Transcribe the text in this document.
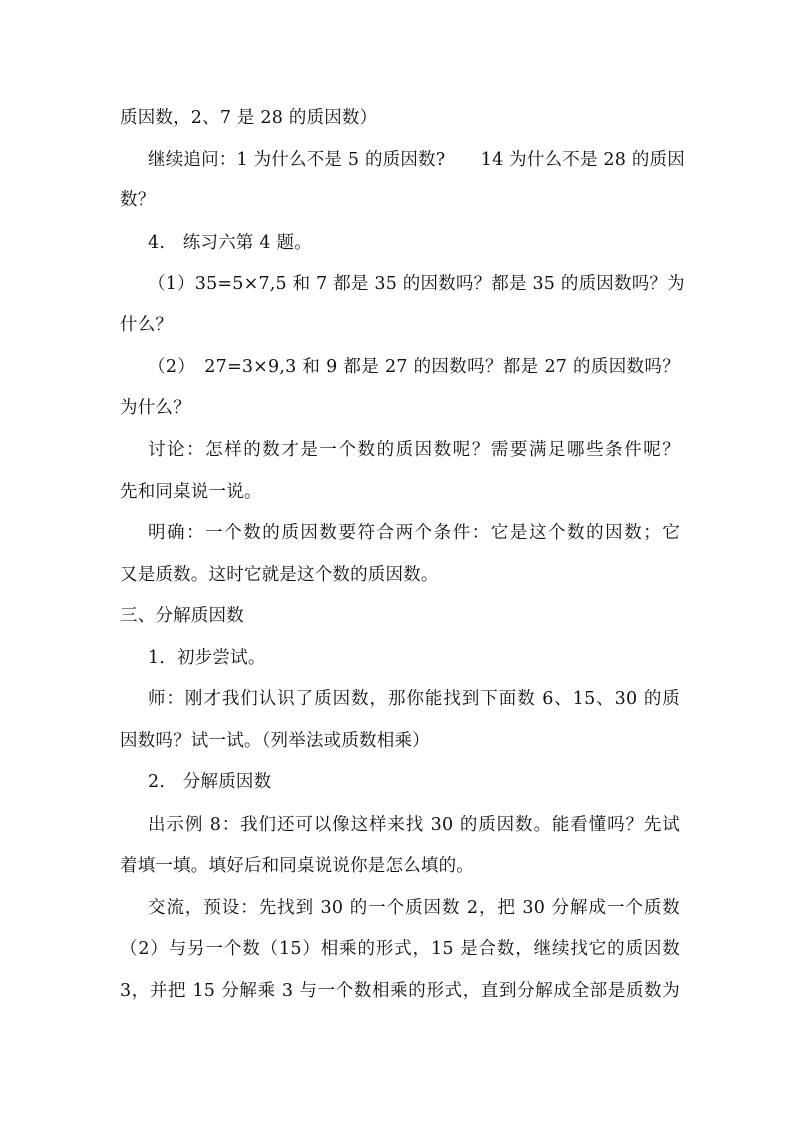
质因数，2、7 是 28 的质因数）
继续追问：1 为什么不是 5 的质因数?　　14 为什么不是 28 的质因
数？
4.　练习六第 4 题。
（1）35=5×7,5 和 7 都是 35 的因数吗？都是 35 的质因数吗？为
什么？
（2）　27=3×9,3 和 9 都是 27 的因数吗？都是 27 的质因数吗？
为什么？
讨论：怎样的数才是一个数的质因数呢？需要满足哪些条件呢？
先和同桌说一说。
明确：一个数的质因数要符合两个条件：它是这个数的因数；它
又是质数。这时它就是这个数的质因数。
三、分解质因数
1．初步尝试。
师：刚才我们认识了质因数，那你能找到下面数 6、15、30 的质
因数吗？试一试。（列举法或质数相乘）
2.　分解质因数
出示例 8：我们还可以像这样来找 30 的质因数。能看懂吗？先试
着填一填。填好后和同桌说说你是怎么填的。
交流，预设：先找到 30 的一个质因数 2，把 30 分解成一个质数
（2）与另一个数（15）相乘的形式，15 是合数，继续找它的质因数
3，并把 15 分解乘 3 与一个数相乘的形式，直到分解成全部是质数为
